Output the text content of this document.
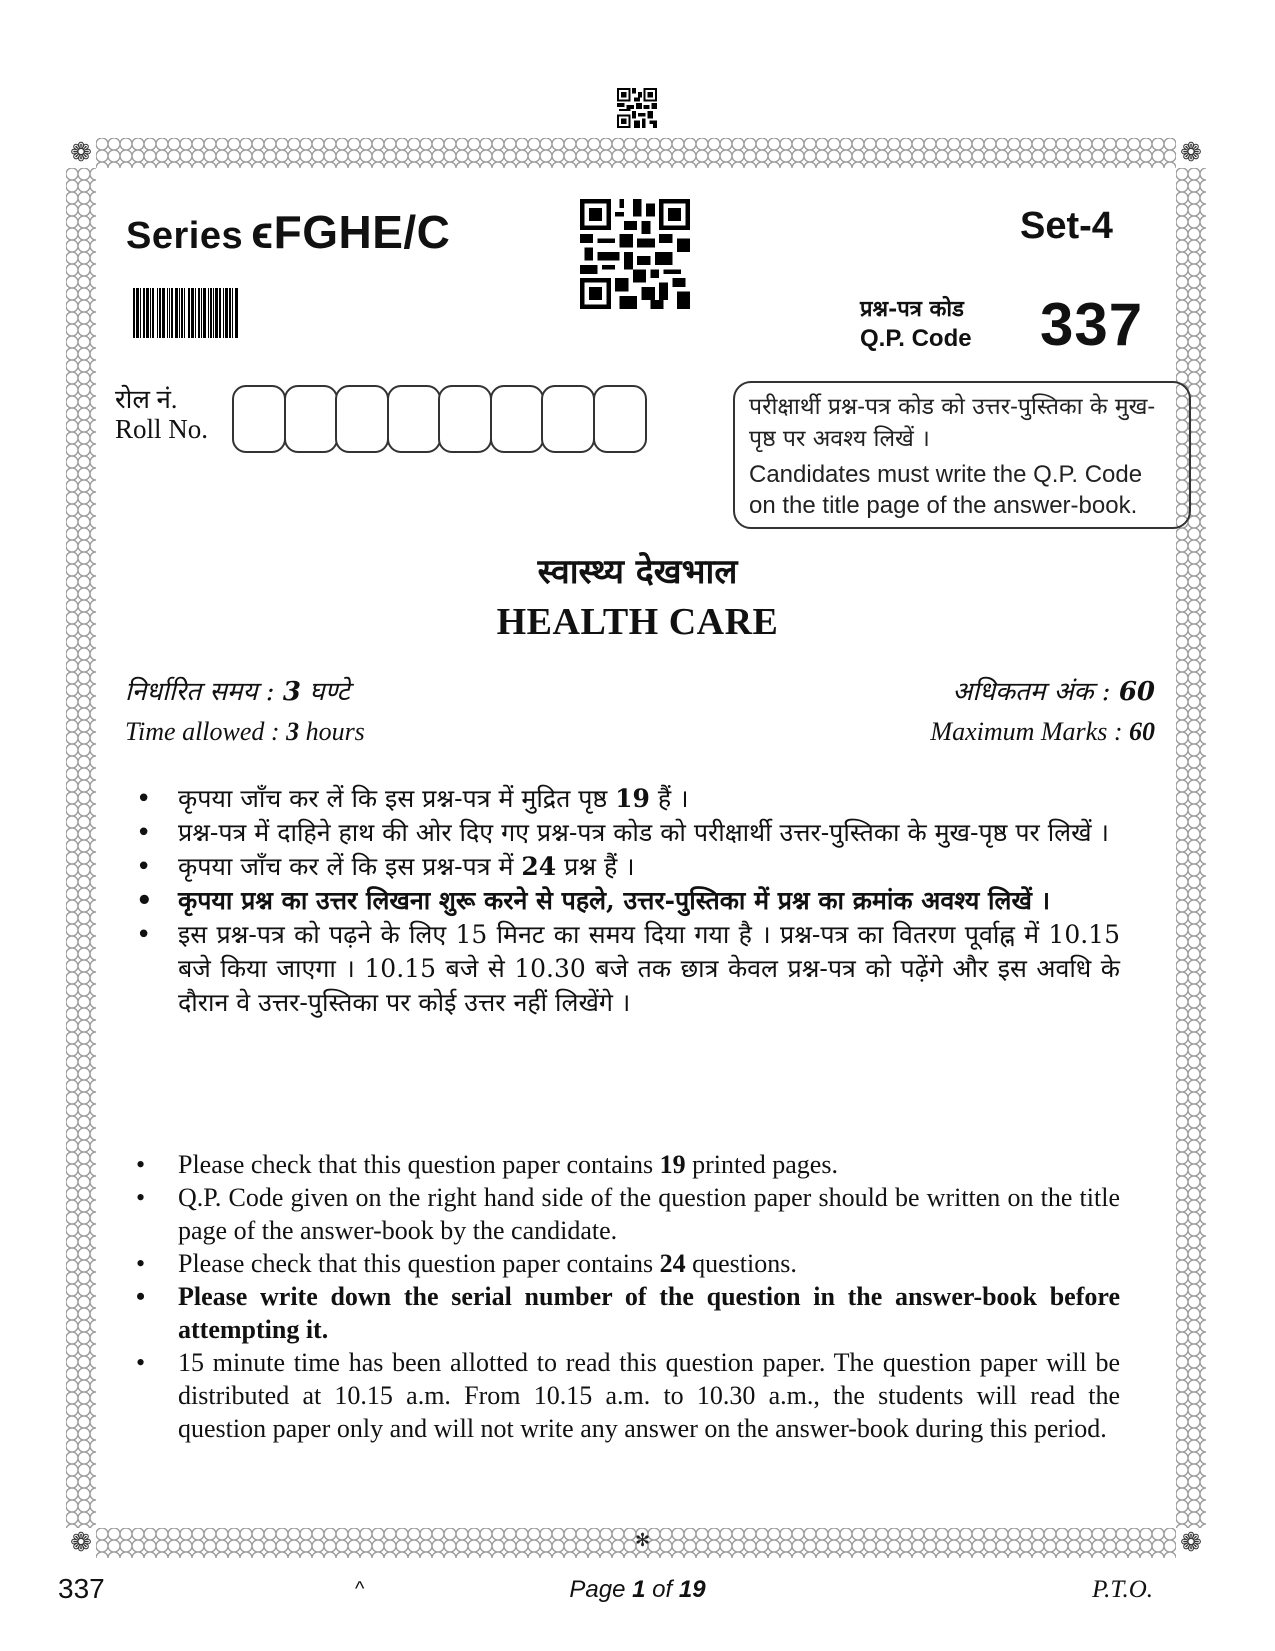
❁	❁
❁	❁
✻
Series ϵFGHE/C	Set-4
प्रश्न-पत्र कोड
Q.P. Code 337
रोल नं.
Roll No.
परीक्षार्थी प्रश्न-पत्र कोड को उत्तर-पुस्तिका के मुख-पृष्ठ पर अवश्य लिखें ।
Candidates must write the Q.P. Code on the title page of the answer-book.
स्वास्थ्य देखभाल
HEALTH CARE
निर्धारित समय : 3 घण्टे
Time allowed : 3 hours
अधिकतम अंक : 60
Maximum Marks : 60
• कृपया जाँच कर लें कि इस प्रश्न-पत्र में मुद्रित पृष्ठ 19 हैं ।
• प्रश्न-पत्र में दाहिने हाथ की ओर दिए गए प्रश्न-पत्र कोड को परीक्षार्थी उत्तर-पुस्तिका के मुख-पृष्ठ पर लिखें ।
• कृपया जाँच कर लें कि इस प्रश्न-पत्र में 24 प्रश्न हैं ।
• कृपया प्रश्न का उत्तर लिखना शुरू करने से पहले, उत्तर-पुस्तिका में प्रश्न का क्रमांक अवश्य लिखें ।
• इस प्रश्न-पत्र को पढ़ने के लिए 15 मिनट का समय दिया गया है । प्रश्न-पत्र का वितरण पूर्वाह्न में 10.15 बजे किया जाएगा । 10.15 बजे से 10.30 बजे तक छात्र केवल प्रश्न-पत्र को पढ़ेंगे और इस अवधि के दौरान वे उत्तर-पुस्तिका पर कोई उत्तर नहीं लिखेंगे ।
• Please check that this question paper contains 19 printed pages.
• Q.P. Code given on the right hand side of the question paper should be written on the title page of the answer-book by the candidate.
• Please check that this question paper contains 24 questions.
• Please write down the serial number of the question in the answer-book before attempting it.
• 15 minute time has been allotted to read this question paper. The question paper will be distributed at 10.15 a.m. From 10.15 a.m. to 10.30 a.m., the students will read the question paper only and will not write any answer on the answer-book during this period.
337	^	Page 1 of 19	P.T.O.
